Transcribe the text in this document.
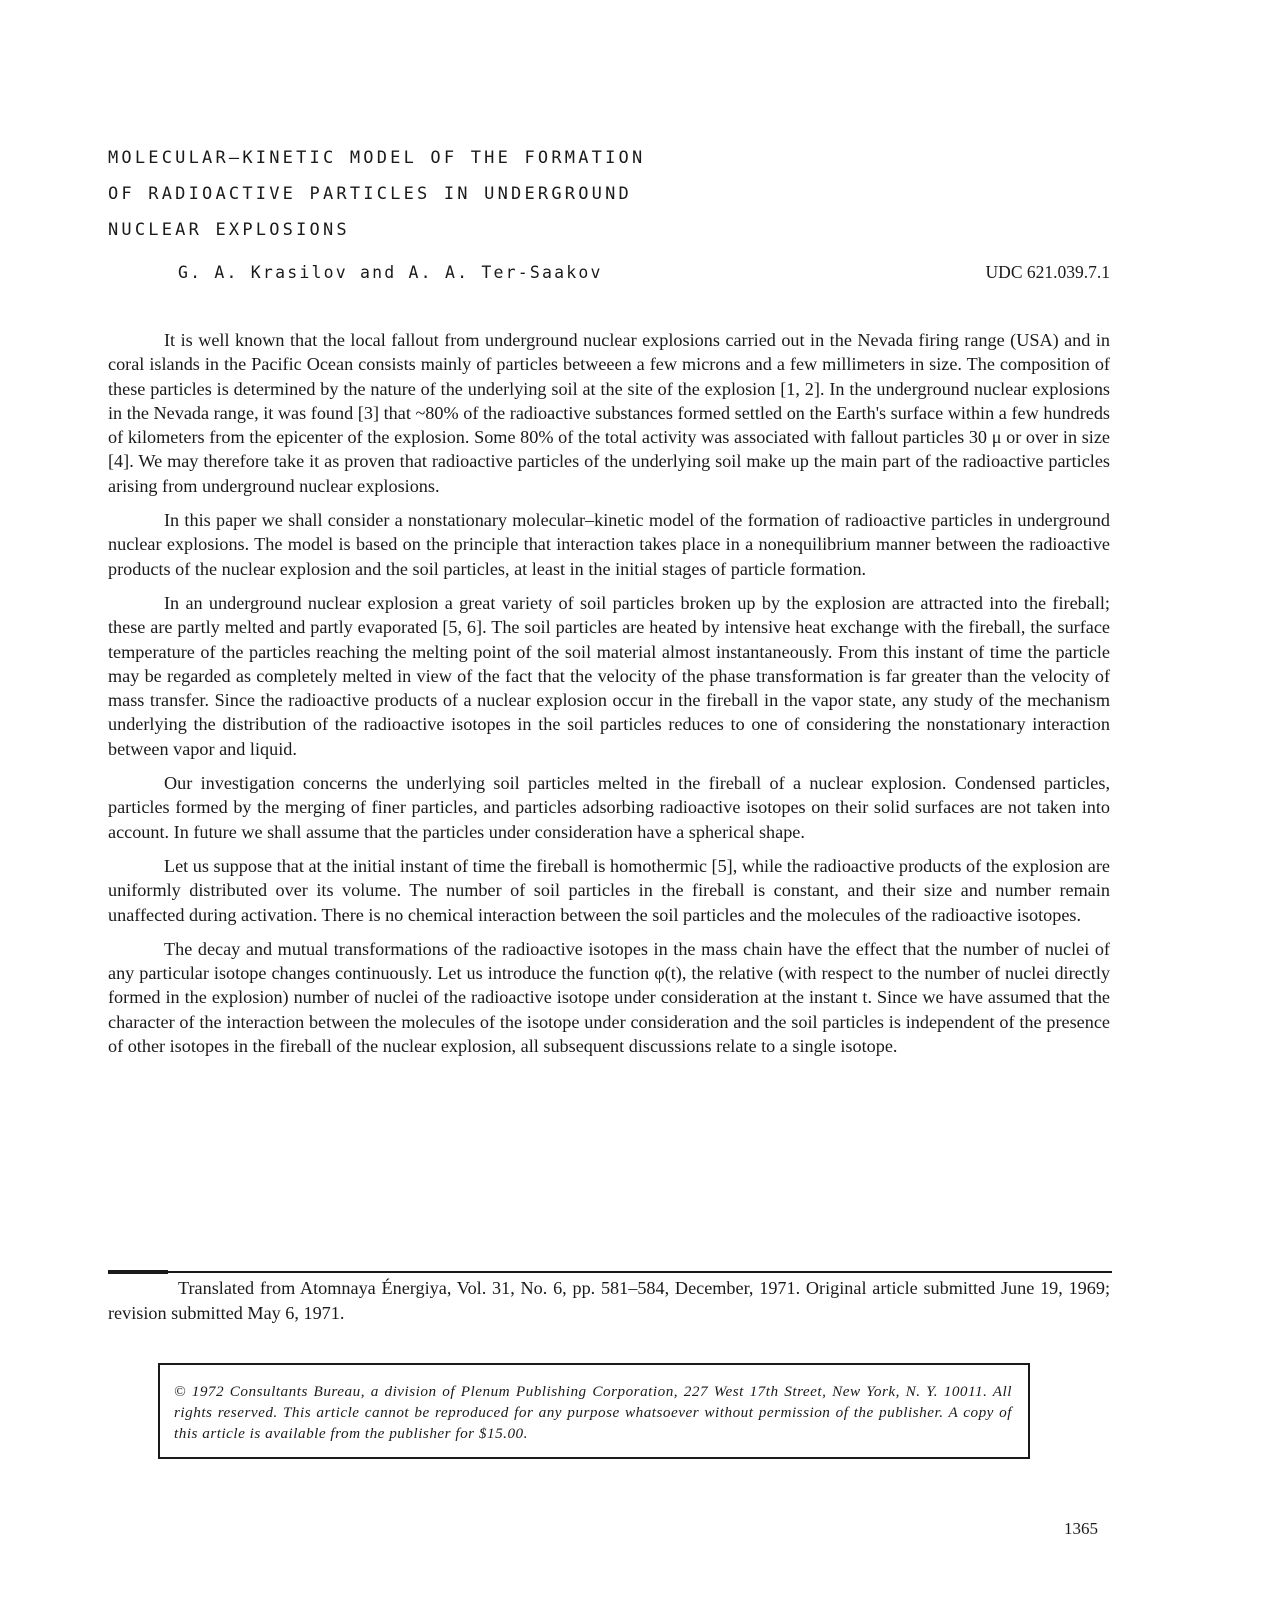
MOLECULAR–KINETIC MODEL OF THE FORMATION
OF RADIOACTIVE PARTICLES IN UNDERGROUND
NUCLEAR EXPLOSIONS
G. A. Krasilov and A. A. Ter-Saakov	UDC 621.039.7.1

It is well known that the local fallout from underground nuclear explosions carried out in the Nevada firing range (USA) and in coral islands in the Pacific Ocean consists mainly of particles betweeen a few microns and a few millimeters in size. The composition of these particles is determined by the nature of the underlying soil at the site of the explosion [1, 2]. In the underground nuclear explosions in the Nevada range, it was found [3] that ~80% of the radioactive substances formed settled on the Earth's surface within a few hundreds of kilometers from the epicenter of the explosion. Some 80% of the total activity was associated with fallout particles 30 μ or over in size [4]. We may therefore take it as proven that radioactive particles of the underlying soil make up the main part of the radioactive particles arising from underground nuclear explosions.

In this paper we shall consider a nonstationary molecular–kinetic model of the formation of radioactive particles in underground nuclear explosions. The model is based on the principle that interaction takes place in a nonequilibrium manner between the radioactive products of the nuclear explosion and the soil particles, at least in the initial stages of particle formation.

In an underground nuclear explosion a great variety of soil particles broken up by the explosion are attracted into the fireball; these are partly melted and partly evaporated [5, 6]. The soil particles are heated by intensive heat exchange with the fireball, the surface temperature of the particles reaching the melting point of the soil material almost instantaneously. From this instant of time the particle may be regarded as completely melted in view of the fact that the velocity of the phase transformation is far greater than the velocity of mass transfer. Since the radioactive products of a nuclear explosion occur in the fireball in the vapor state, any study of the mechanism underlying the distribution of the radioactive isotopes in the soil particles reduces to one of considering the nonstationary interaction between vapor and liquid.

Our investigation concerns the underlying soil particles melted in the fireball of a nuclear explosion. Condensed particles, particles formed by the merging of finer particles, and particles adsorbing radioactive isotopes on their solid surfaces are not taken into account. In future we shall assume that the particles under consideration have a spherical shape.

Let us suppose that at the initial instant of time the fireball is homothermic [5], while the radioactive products of the explosion are uniformly distributed over its volume. The number of soil particles in the fireball is constant, and their size and number remain unaffected during activation. There is no chemical interaction between the soil particles and the molecules of the radioactive isotopes.

The decay and mutual transformations of the radioactive isotopes in the mass chain have the effect that the number of nuclei of any particular isotope changes continuously. Let us introduce the function φ(t), the relative (with respect to the number of nuclei directly formed in the explosion) number of nuclei of the radioactive isotope under consideration at the instant t. Since we have assumed that the character of the interaction between the molecules of the isotope under consideration and the soil particles is independent of the presence of other isotopes in the fireball of the nuclear explosion, all subsequent discussions relate to a single isotope.

Translated from Atomnaya Énergiya, Vol. 31, No. 6, pp. 581–584, December, 1971. Original article submitted June 19, 1969; revision submitted May 6, 1971.

© 1972 Consultants Bureau, a division of Plenum Publishing Corporation, 227 West 17th Street, New York, N. Y. 10011. All rights reserved. This article cannot be reproduced for any purpose whatsoever without permission of the publisher. A copy of this article is available from the publisher for $15.00.

1365
